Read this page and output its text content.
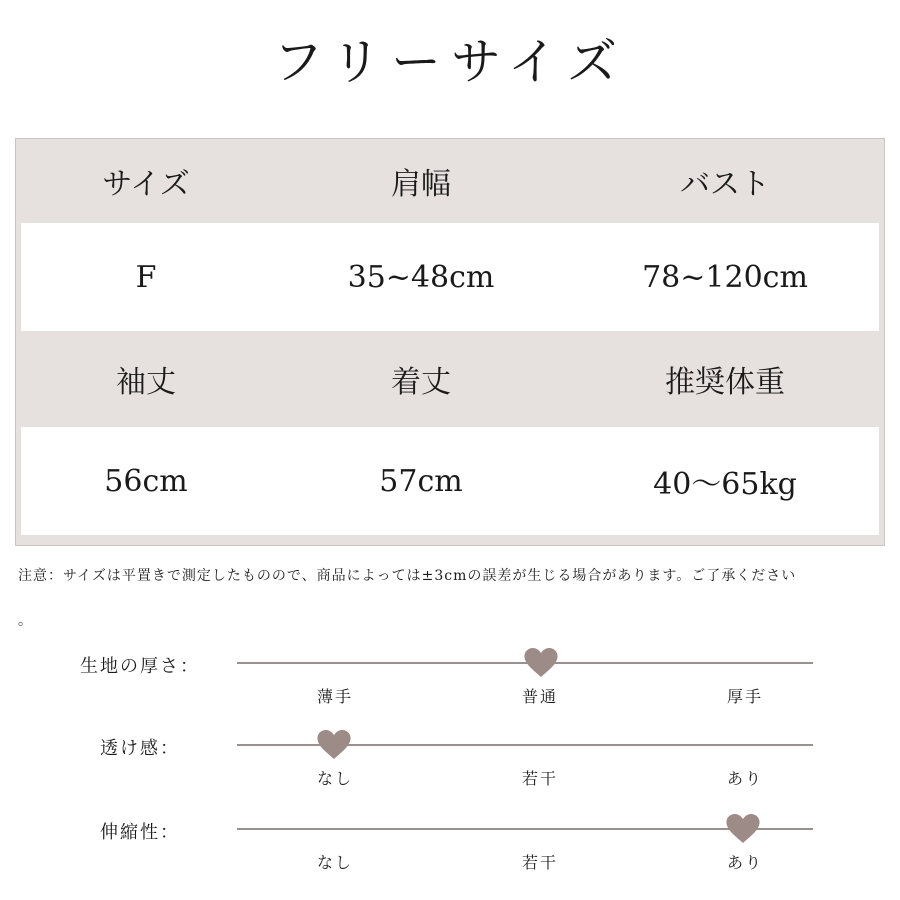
フリーサイズ
サイズ	肩幅	バスト
F	35~48cm	78~120cm
袖丈	着丈	推奨体重
56cm	57cm	40～65kg
注意：サイズは平置きで測定したものので、商品によっては±3cmの誤差が生じる場合があります。ご了承ください
。
生地の厚さ：
薄手	普通	厚手
透け感：
なし	若干	あり
伸縮性：
なし	若干	あり
